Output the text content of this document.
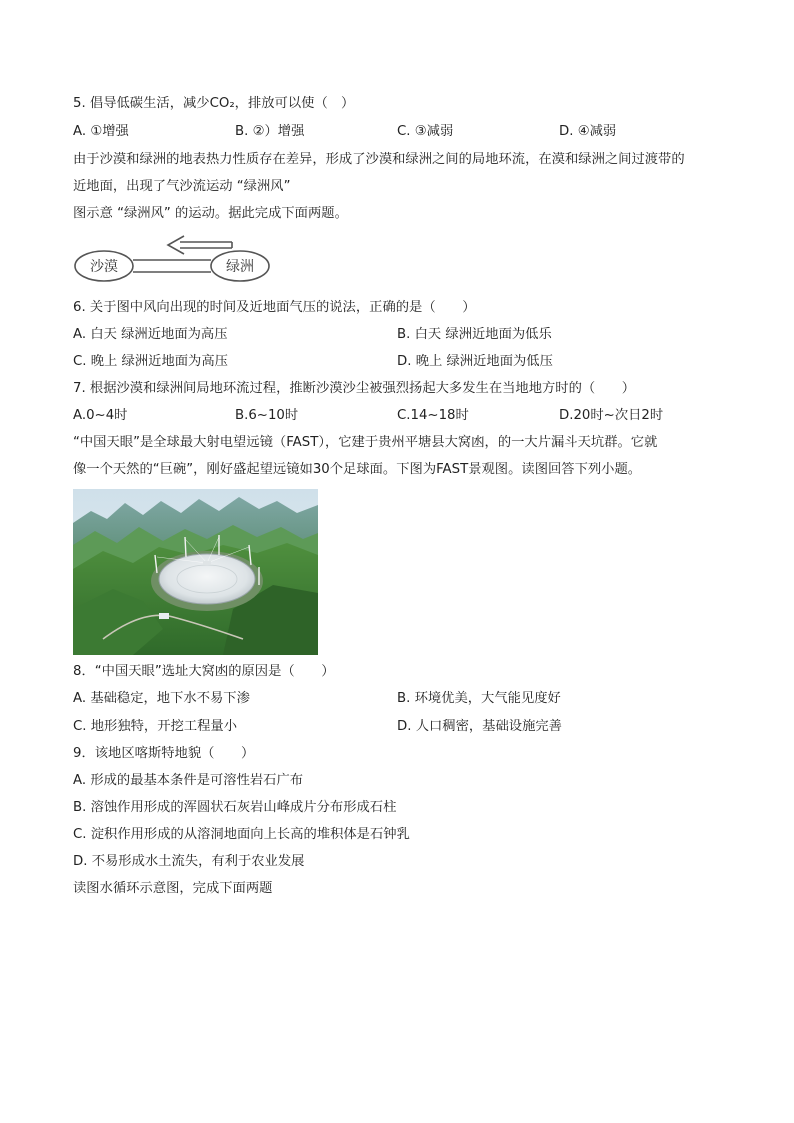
5. 倡导低碳生活，减少CO₂，排放可以使（　）
A. ①增强	B. ②）增强	C. ③减弱	D. ④减弱
由于沙漠和绿洲的地表热力性质存在差异，形成了沙漠和绿洲之间的局地环流，在漠和绿洲之间过渡带的
近地面，出现了气沙流运动 “绿洲风”
图示意 “绿洲风” 的运动。据此完成下面两题。
沙漠	绿洲
6. 关于图中风向出现的时间及近地面气压的说法，正确的是（　　）
A. 白天 绿洲近地面为高压	B. 白天 绿洲近地面为低乐
C. 晚上 绿洲近地面为高压	D. 晚上 绿洲近地面为低压
7. 根据沙漠和绿洲间局地环流过程，推断沙漠沙尘被强烈扬起大多发生在当地地方时的（　　）
A.0~4时	B.6~10时	C.14~18时	D.20时~次日2时
“中国天眼”是全球最大射电望远镜（FAST），它建于贵州平塘县大窝凼，的一大片漏斗天坑群。它就
像一个天然的“巨碗”，刚好盛起望远镜如30个足球面。下图为FAST景观图。读图回答下列小题。
8．“中国天眼”选址大窝凼的原因是（　　）
A. 基础稳定，地下水不易下渗	B. 环境优美，大气能见度好
C. 地形独特，开挖工程量小	D. 人口稠密，基础设施完善
9．该地区喀斯特地貌（　　）
A. 形成的最基本条件是可溶性岩石广布
B. 溶蚀作用形成的浑圆状石灰岩山峰成片分布形成石柱
C. 淀积作用形成的从溶洞地面向上长高的堆积体是石钟乳
D. 不易形成水土流失，有利于农业发展
读图水循环示意图，完成下面两题
